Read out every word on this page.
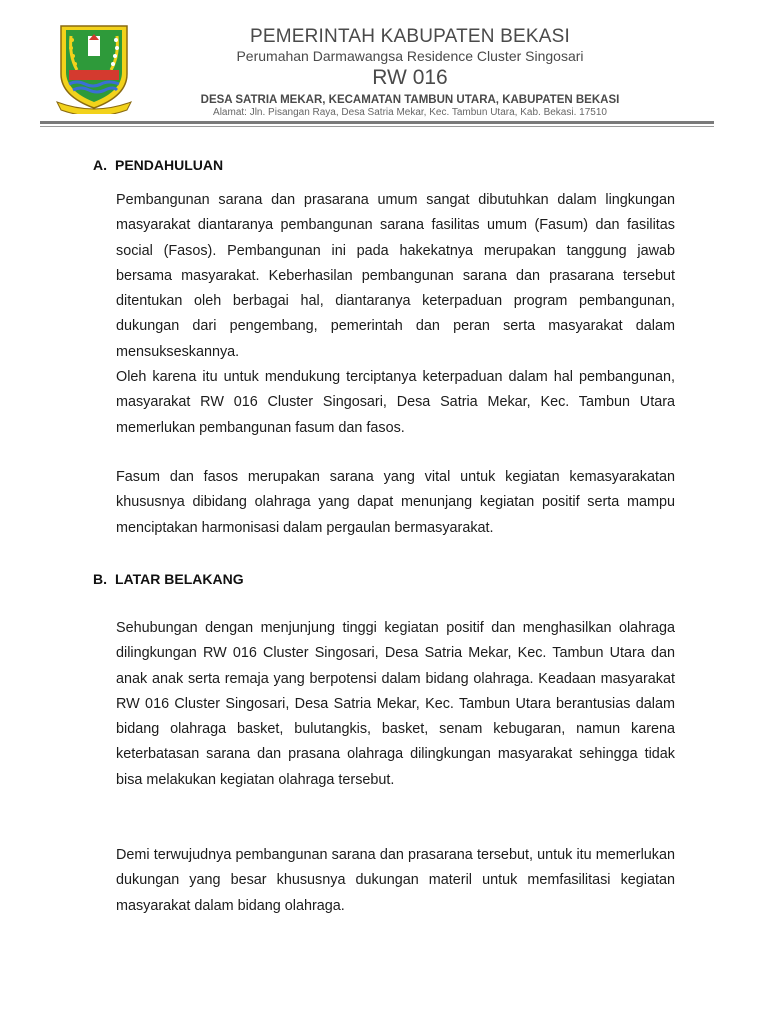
PEMERINTAH KABUPATEN BEKASI
Perumahan Darmawangsa Residence Cluster Singosari
RW 016
DESA SATRIA MEKAR, KECAMATAN TAMBUN UTARA, KABUPATEN BEKASI
Alamat: Jln. Pisangan Raya, Desa Satria Mekar, Kec. Tambun Utara, Kab. Bekasi. 17510
A. PENDAHULUAN
Pembangunan sarana dan prasarana umum sangat dibutuhkan dalam lingkungan masyarakat diantaranya pembangunan sarana fasilitas umum (Fasum) dan fasilitas social (Fasos). Pembangunan ini pada hakekatnya merupakan tanggung jawab bersama masyarakat. Keberhasilan pembangunan sarana dan prasarana tersebut ditentukan oleh berbagai hal, diantaranya keterpaduan program pembangunan, dukungan dari pengembang, pemerintah dan peran serta masyarakat dalam mensukseskannya.
Oleh karena itu untuk mendukung terciptanya keterpaduan dalam hal pembangunan, masyarakat RW 016 Cluster Singosari, Desa Satria Mekar, Kec. Tambun Utara memerlukan pembangunan fasum dan fasos.
Fasum dan fasos merupakan sarana yang vital untuk kegiatan kemasyarakatan khususnya dibidang olahraga yang dapat menunjang kegiatan positif serta mampu menciptakan harmonisasi dalam pergaulan bermasyarakat.
B. LATAR BELAKANG
Sehubungan dengan menjunjung tinggi kegiatan positif dan menghasilkan olahraga dilingkungan RW 016 Cluster Singosari, Desa Satria Mekar, Kec. Tambun Utara dan anak anak serta remaja yang berpotensi dalam bidang olahraga. Keadaan masyarakat RW 016 Cluster Singosari, Desa Satria Mekar, Kec. Tambun Utara berantusias dalam bidang olahraga basket, bulutangkis, basket, senam kebugaran, namun karena keterbatasan sarana dan prasana olahraga dilingkungan masyarakat sehingga tidak bisa melakukan kegiatan olahraga tersebut.
Demi terwujudnya pembangunan sarana dan prasarana tersebut, untuk itu memerlukan dukungan yang besar khususnya dukungan materil untuk memfasilitasi kegiatan masyarakat dalam bidang olahraga.
